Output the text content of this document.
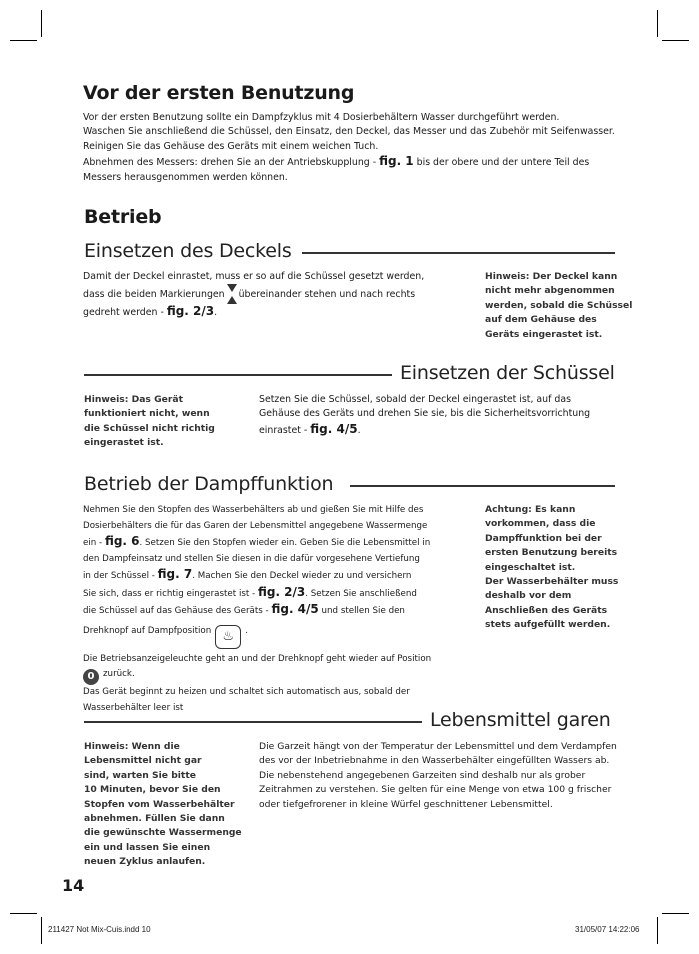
Vor der ersten Benutzung
Vor der ersten Benutzung sollte ein Dampfzyklus mit 4 Dosierbehältern Wasser durchgeführt werden.
Waschen Sie anschließend die Schüssel, den Einsatz, den Deckel, das Messer und das Zubehör mit Seifenwasser.
Reinigen Sie das Gehäuse des Geräts mit einem weichen Tuch.
Abnehmen des Messers: drehen Sie an der Antriebskupplung - fig. 1 bis der obere und der untere Teil des
Messers herausgenommen werden können.
Betrieb
Einsetzen des Deckels
Damit der Deckel einrastet, muss er so auf die Schüssel gesetzt werden,
dass die beiden Markierungen übereinander stehen und nach rechts
gedreht werden - fig. 2/3.
Hinweis: Der Deckel kann
nicht mehr abgenommen
werden, sobald die Schüssel
auf dem Gehäuse des
Geräts eingerastet ist.
Einsetzen der Schüssel
Hinweis: Das Gerät
funktioniert nicht, wenn
die Schüssel nicht richtig
eingerastet ist.
Setzen Sie die Schüssel, sobald der Deckel eingerastet ist, auf das
Gehäuse des Geräts und drehen Sie sie, bis die Sicherheitsvorrichtung
einrastet - fig. 4/5.
Betrieb der Dampffunktion
Nehmen Sie den Stopfen des Wasserbehälters ab und gießen Sie mit Hilfe des
Dosierbehälters die für das Garen der Lebensmittel angegebene Wassermenge
ein - fig. 6. Setzen Sie den Stopfen wieder ein. Geben Sie die Lebensmittel in
den Dampfeinsatz und stellen Sie diesen in die dafür vorgesehene Vertiefung
in der Schüssel - fig. 7. Machen Sie den Deckel wieder zu und versichern
Sie sich, dass er richtig eingerastet ist - fig. 2/3. Setzen Sie anschließend
die Schüssel auf das Gehäuse des Geräts - fig. 4/5 und stellen Sie den
Drehknopf auf Dampfposition ♨ .
Die Betriebsanzeigeleuchte geht an und der Drehknopf geht wieder auf Position
0 zurück.
Das Gerät beginnt zu heizen und schaltet sich automatisch aus, sobald der
Wasserbehälter leer ist
Achtung: Es kann
vorkommen, dass die
Dampffunktion bei der
ersten Benutzung bereits
eingeschaltet ist.
Der Wasserbehälter muss
deshalb vor dem
Anschließen des Geräts
stets aufgefüllt werden.
Lebensmittel garen
Hinweis: Wenn die
Lebensmittel nicht gar
sind, warten Sie bitte
10 Minuten, bevor Sie den
Stopfen vom Wasserbehälter
abnehmen. Füllen Sie dann
die gewünschte Wassermenge
ein und lassen Sie einen
neuen Zyklus anlaufen.
Die Garzeit hängt von der Temperatur der Lebensmittel und dem Verdampfen
des vor der Inbetriebnahme in den Wasserbehälter eingefüllten Wassers ab.
Die nebenstehend angegebenen Garzeiten sind deshalb nur als grober
Zeitrahmen zu verstehen. Sie gelten für eine Menge von etwa 100 g frischer
oder tiefgefrorener in kleine Würfel geschnittener Lebensmittel.
14
211427 Not Mix-Cuis.indd 10	31/05/07 14:22:06
